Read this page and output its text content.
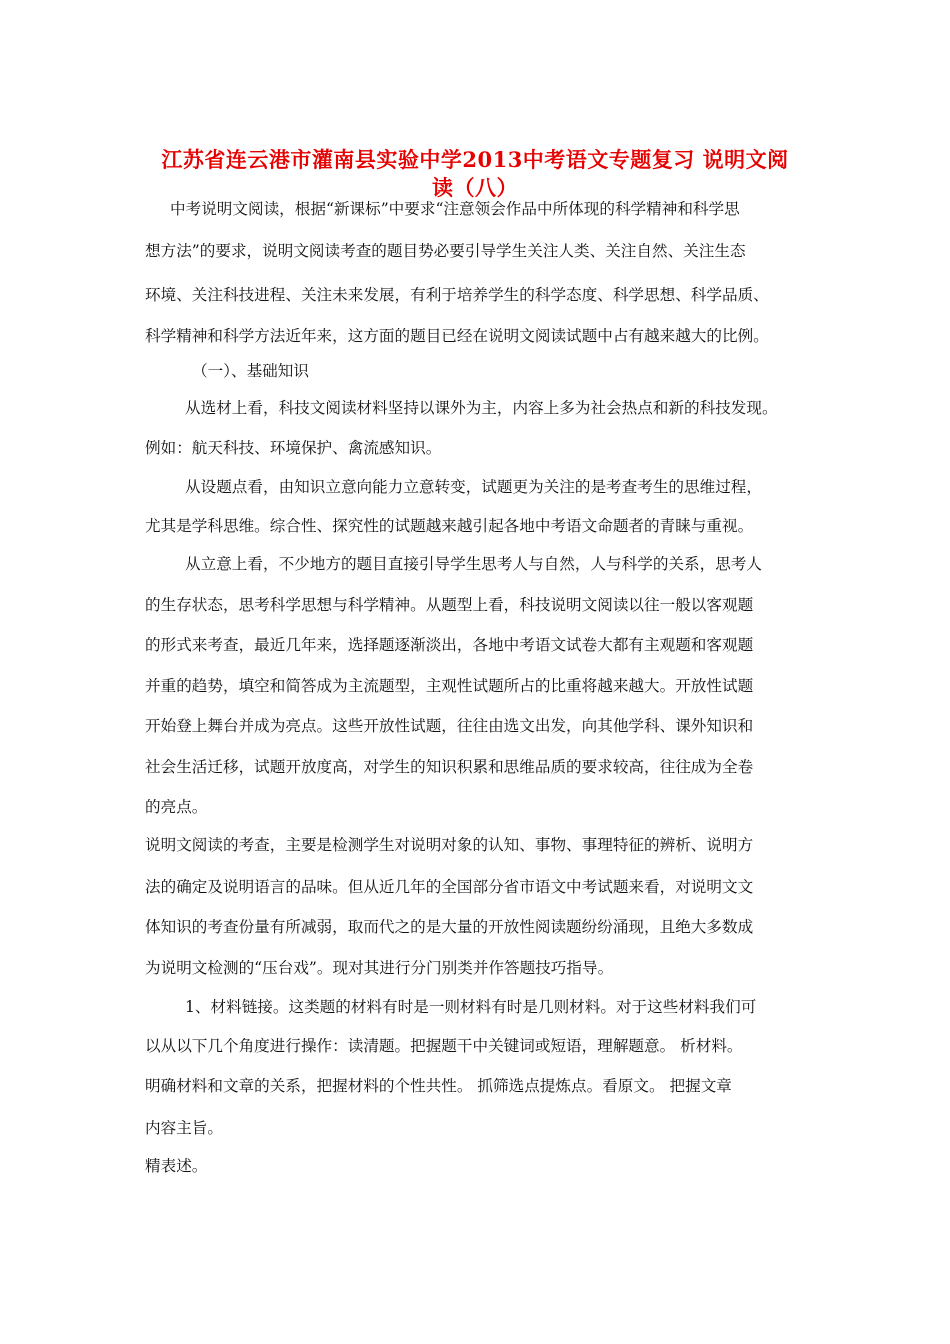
江苏省连云港市灌南县实验中学2013中考语文专题复习 说明文阅
读（八）
中考说明文阅读，根据“新课标”中要求“注意领会作品中所体现的科学精神和科学思
想方法”的要求，说明文阅读考查的题目势必要引导学生关注人类、关注自然、关注生态
环境、关注科技进程、关注未来发展，有利于培养学生的科学态度、科学思想、科学品质、
科学精神和科学方法近年来，这方面的题目已经在说明文阅读试题中占有越来越大的比例。
（一）、基础知识
从选材上看，科技文阅读材料坚持以课外为主，内容上多为社会热点和新的科技发现。
例如：航天科技、环境保护、禽流感知识。
从设题点看，由知识立意向能力立意转变，试题更为关注的是考查考生的思维过程，
尤其是学科思维。综合性、探究性的试题越来越引起各地中考语文命题者的青睐与重视。
从立意上看，不少地方的题目直接引导学生思考人与自然，人与科学的关系，思考人
的生存状态，思考科学思想与科学精神。从题型上看，科技说明文阅读以往一般以客观题
的形式来考查，最近几年来，选择题逐渐淡出，各地中考语文试卷大都有主观题和客观题
并重的趋势，填空和简答成为主流题型，主观性试题所占的比重将越来越大。开放性试题
开始登上舞台并成为亮点。这些开放性试题，往往由选文出发，向其他学科、课外知识和
社会生活迁移，试题开放度高，对学生的知识积累和思维品质的要求较高，往往成为全卷
的亮点。
说明文阅读的考查，主要是检测学生对说明对象的认知、事物、事理特征的辨析、说明方
法的确定及说明语言的品味。但从近几年的全国部分省市语文中考试题来看，对说明文文
体知识的考查份量有所减弱，取而代之的是大量的开放性阅读题纷纷涌现，且绝大多数成
为说明文检测的“压台戏”。现对其进行分门别类并作答题技巧指导。
1、材料链接。这类题的材料有时是一则材料有时是几则材料。对于这些材料我们可
以从以下几个角度进行操作：读清题。把握题干中关键词或短语，理解题意。 析材料。
明确材料和文章的关系，把握材料的个性共性。 抓筛选点提炼点。看原文。 把握文章
内容主旨。
精表述。
